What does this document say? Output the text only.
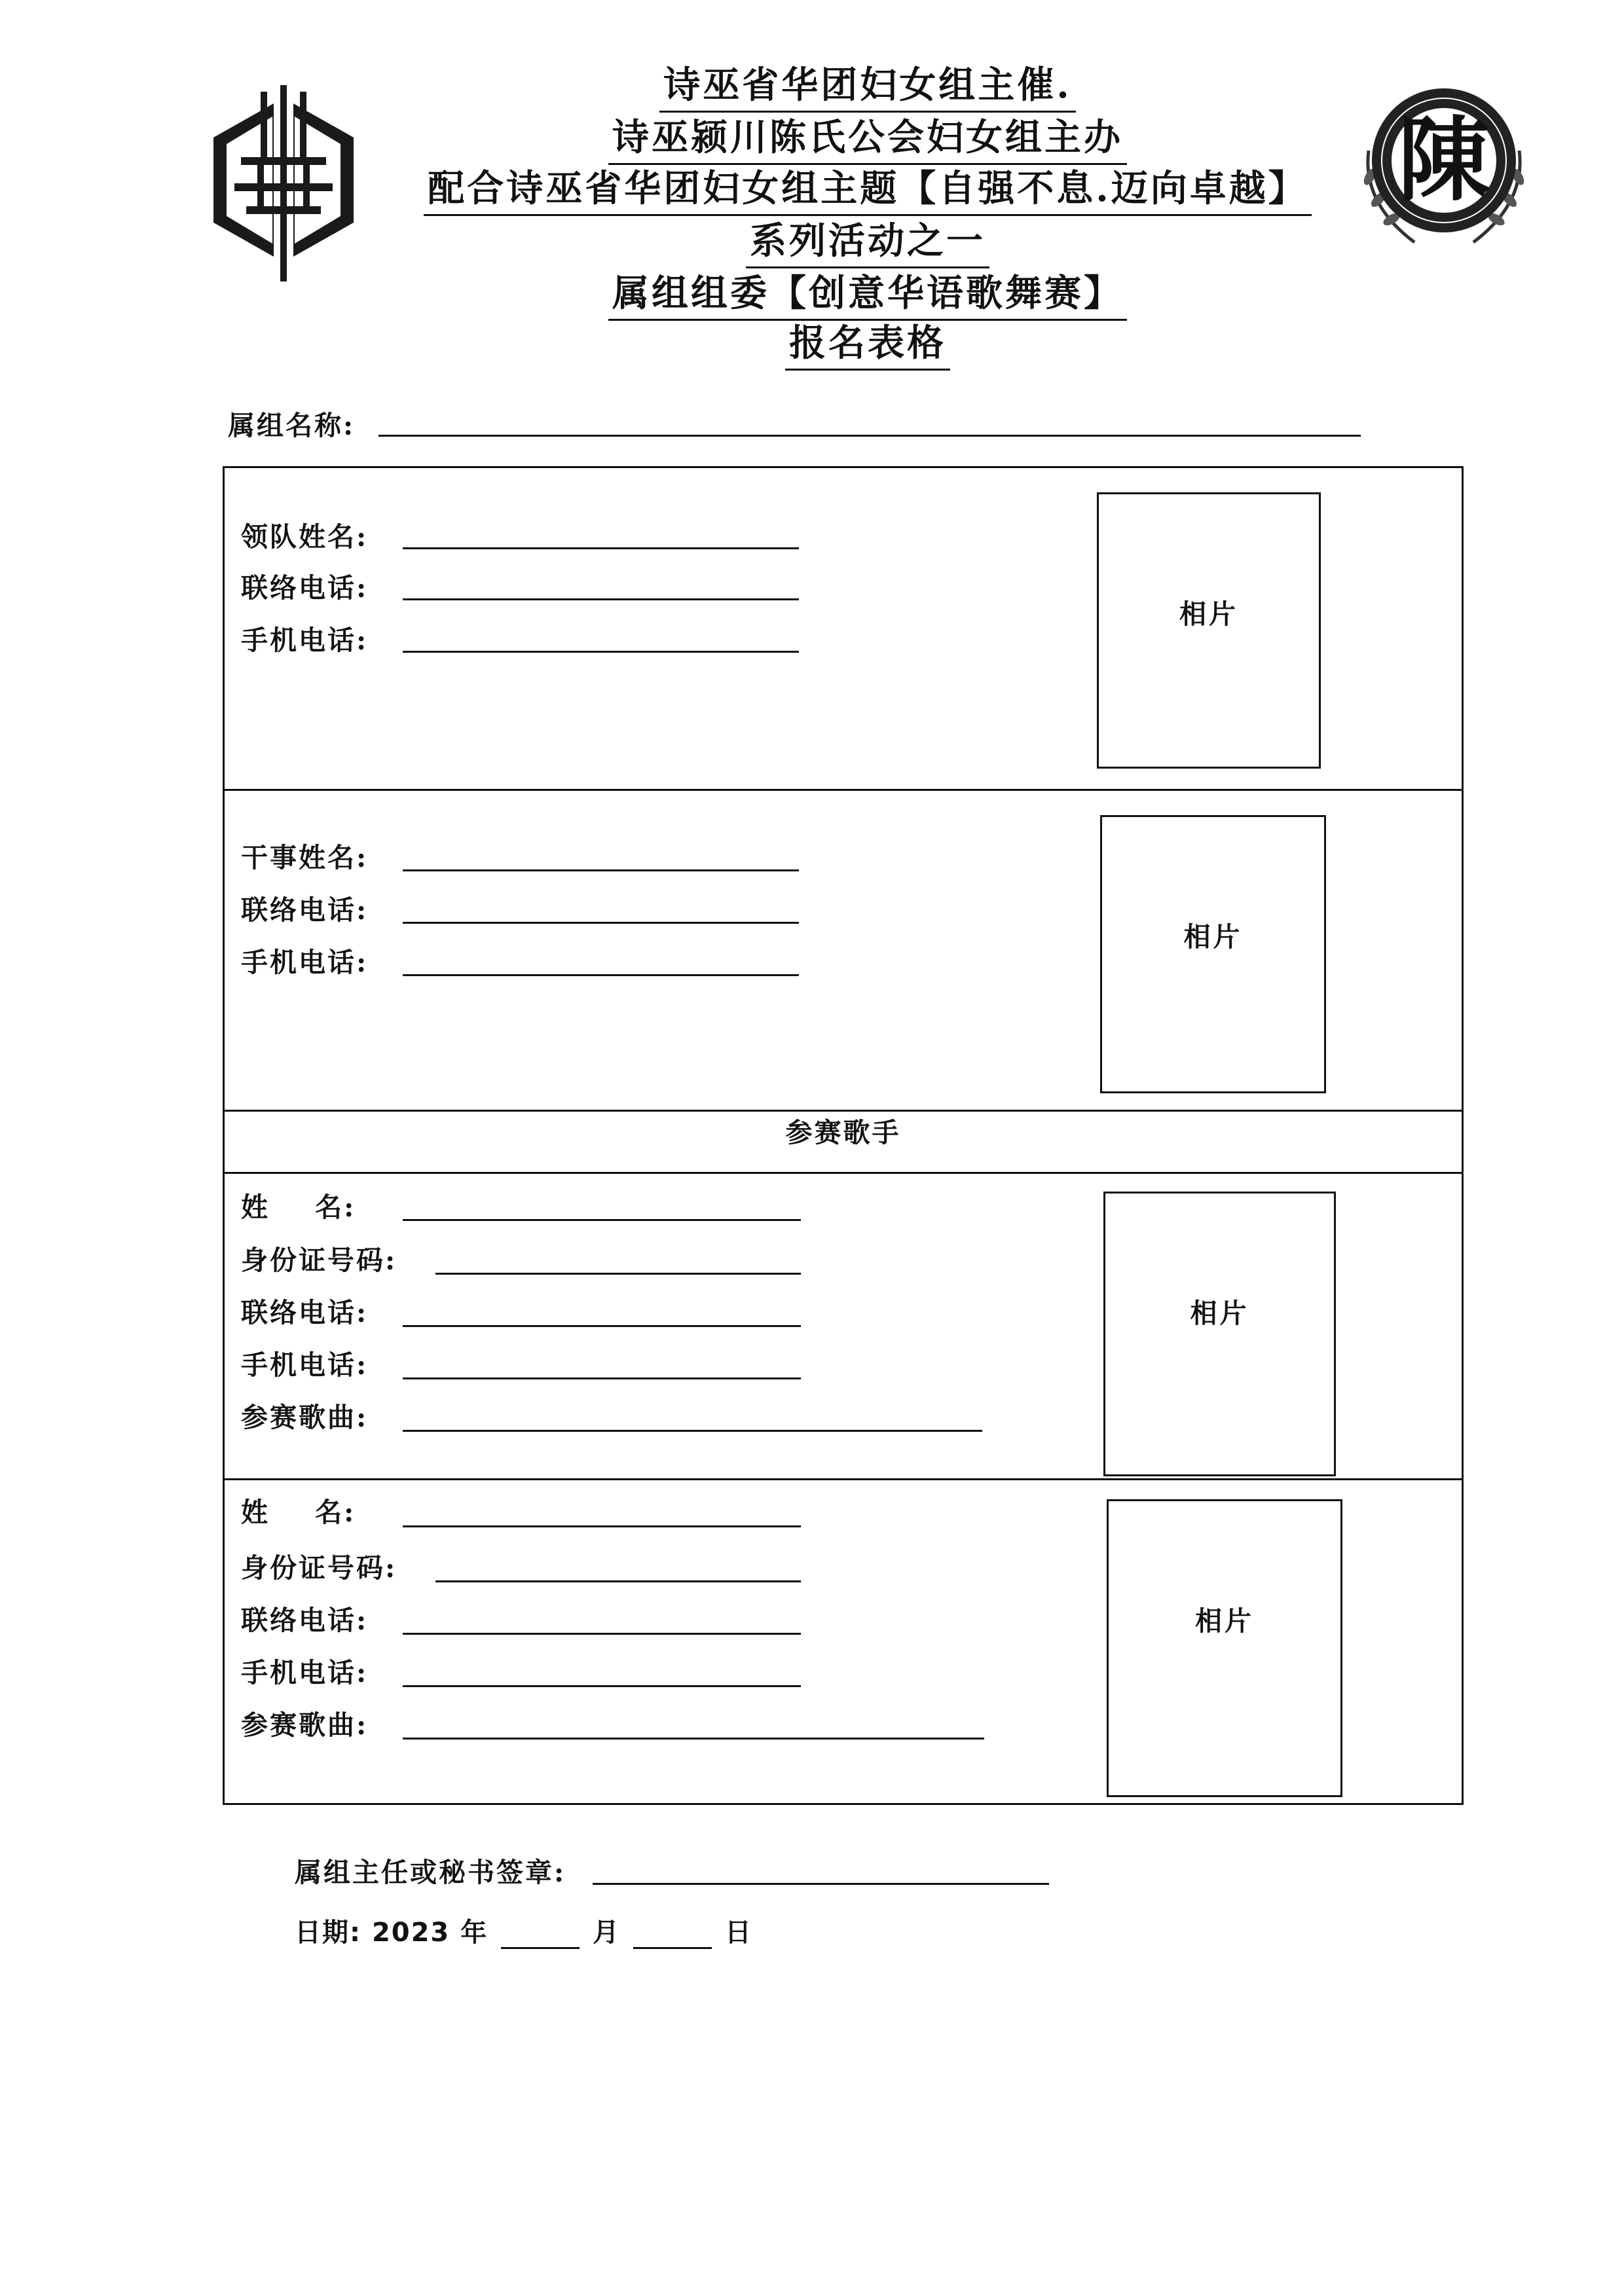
陳
诗巫省华团妇女组主催.
诗巫颍川陈氏公会妇女组主办
配合诗巫省华团妇女组主题【自强不息.迈向卓越】
系列活动之一
属组组委【创意华语歌舞赛】
报名表格
属组名称:
领队姓名:
联络电话:
手机电话:
相片
干事姓名:
联络电话:
手机电话:
相片
参赛歌手
姓    名:
身份证号码:
联络电话:
手机电话:
参赛歌曲:
相片
姓    名:
身份证号码:
联络电话:
手机电话:
参赛歌曲:
相片
属组主任或秘书签章:
日期: 2023 年	月	日
